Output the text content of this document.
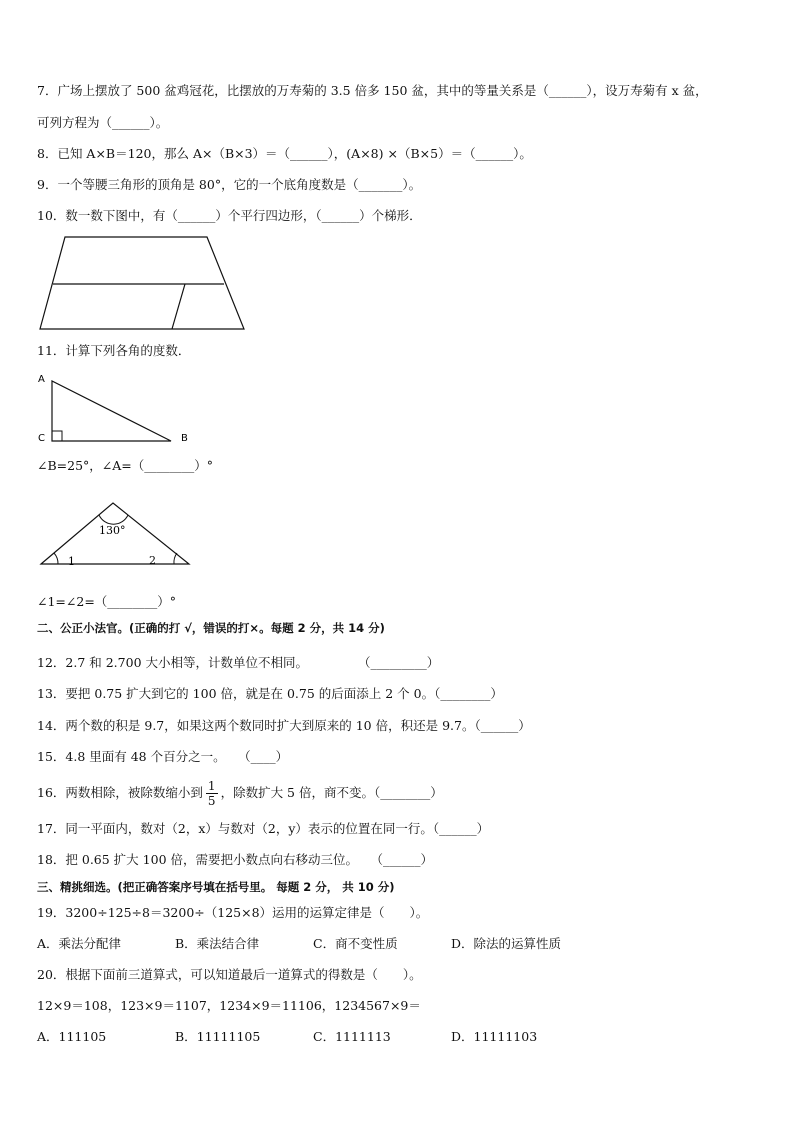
7．广场上摆放了 500 盆鸡冠花，比摆放的万寿菊的 3.5 倍多 150 盆，其中的等量关系是（______），设万寿菊有 x 盆，
可列方程为（______）。
8．已知 A×B＝120，那么 A×（B×3）＝（______），(A×8) ×（B×5）＝（______）。
9．一个等腰三角形的顶角是 80°，它的一个底角度数是（_______）。
10．数一数下图中，有（______）个平行四边形，（______）个梯形．
11．计算下列各角的度数．
A
C	B
∠B=25°，∠A=（________）°
130°
1	2
∠1=∠2=（________）°
二、公正小法官。(正确的打 √，错误的打×。每题 2 分，共 14 分)
12．2.7 和 2.700 大小相等，计数单位不相同。　　　　　（_________）
13．要把 0.75 扩大到它的 100 倍，就是在 0.75 的后面添上 2 个 0。（________）
14．两个数的积是 9.7，如果这两个数同时扩大到原来的 10 倍，积还是 9.7。（______）
15．4.8 里面有 48 个百分之一。　　（____）
16．两数相除，被除数缩小到 $\frac{1}{5}$ ，除数扩大 5 倍，商不变。（________）
17．同一平面内，数对（2，x）与数对（2，y）表示的位置在同一行。（______）
18．把 0.65 扩大 100 倍，需要把小数点向右移动三位。　　（______）
三、精挑细选。(把正确答案序号填在括号里。 每题 2 分， 共 10 分)
19．3200÷125÷8＝3200÷（125×8）运用的运算定律是（　　）。
A．乘法分配律	B．乘法结合律	C．商不变性质	D．除法的运算性质
20．根据下面前三道算式，可以知道最后一道算式的得数是（　　）。
12×9＝108，123×9＝1107，1234×9＝11106，1234567×9＝
A．111105	B．11111105	C．1111113	D．11111103
